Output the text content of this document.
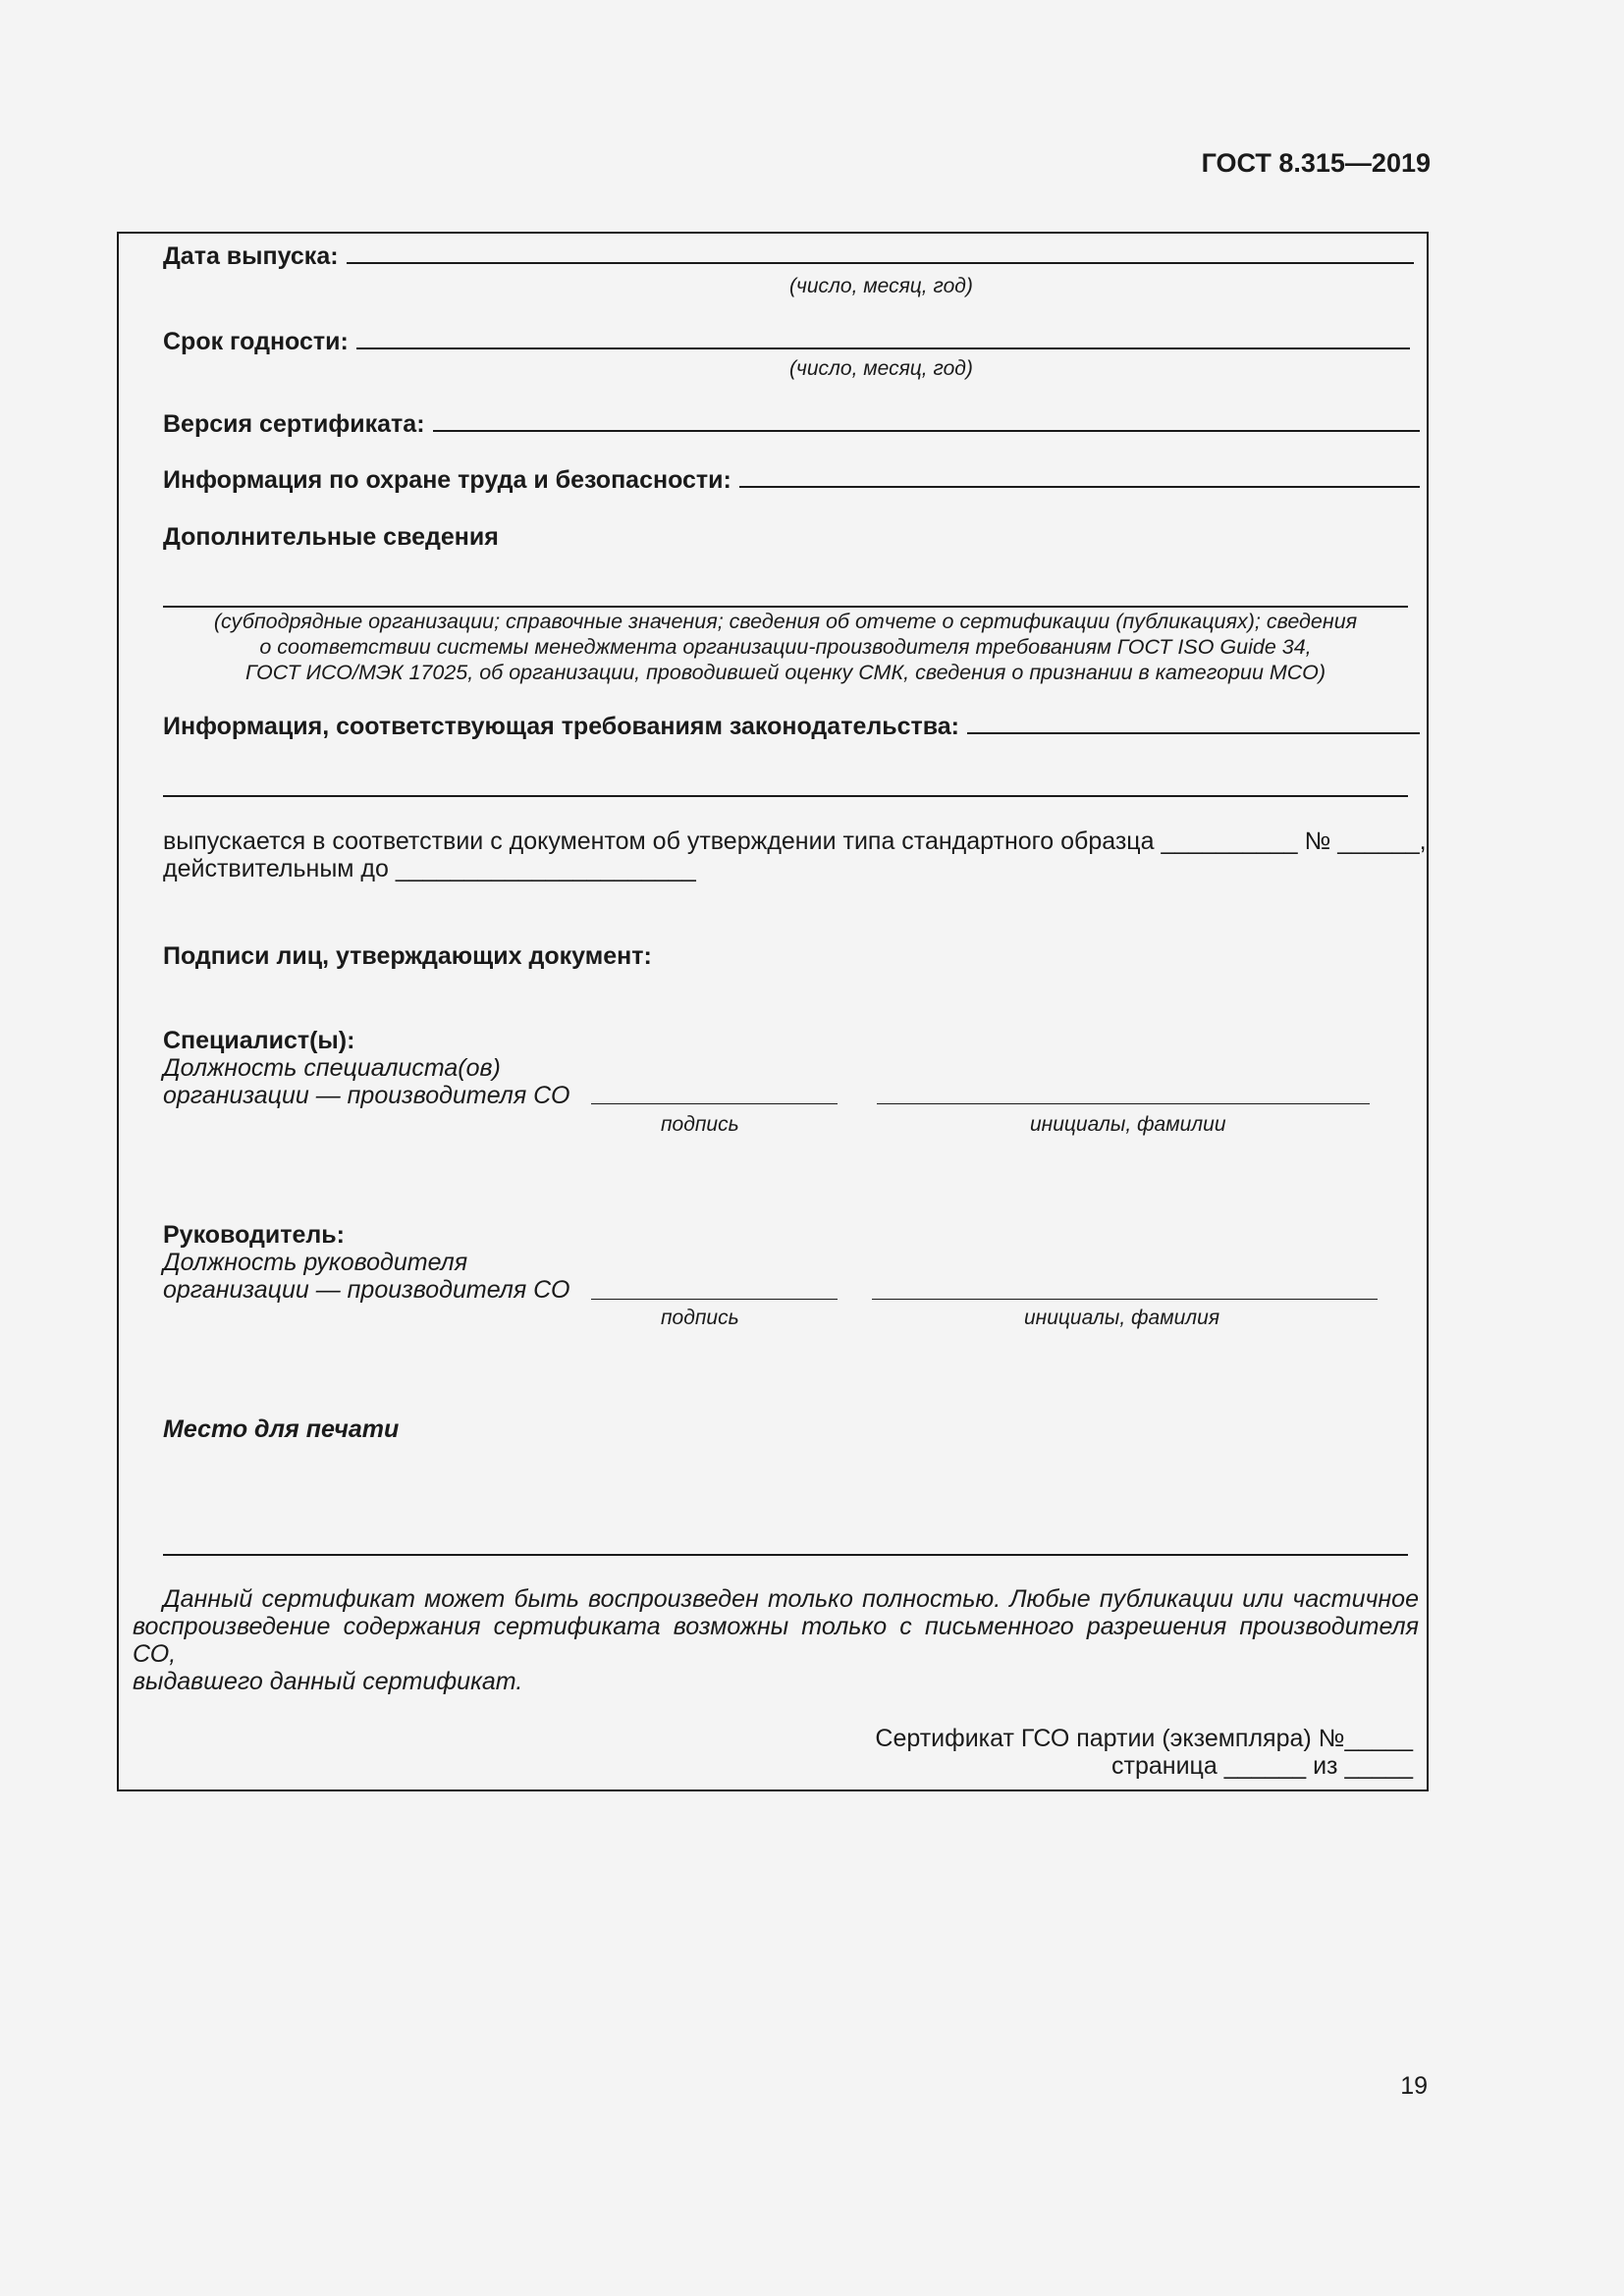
ГОСТ 8.315—2019
Дата выпуска:
(число, месяц, год)
Срок годности:
(число, месяц, год)
Версия сертификата:
Информация по охране труда и безопасности:
Дополнительные сведения
(субподрядные организации; справочные значения; сведения об отчете о сертификации (публикациях); сведения
о соответствии системы менеджмента организации-производителя требованиям ГОСТ ISO Guide 34,
ГОСТ ИСО/МЭК 17025, об организации, проводившей оценку СМК, сведения о признании в категории МСО)
Информация, соответствующая требованиям законодательства:
выпускается в соответствии с документом об утверждении типа стандартного образца __________ № ______,
действительным до ______________________
Подписи лиц, утверждающих документ:
Специалист(ы):
Должность специалиста(ов)
организации — производителя СО
подпись	инициалы, фамилии
Руководитель:
Должность руководителя
организации — производителя СО
подпись	инициалы, фамилия
Место для печати
Данный сертификат может быть воспроизведен только полностью. Любые публикации или частичное
воспроизведение содержания сертификата возможны только с письменного разрешения производителя СО,
выдавшего данный сертификат.
Сертификат ГСО партии (экземпляра) №_____
страница ______ из _____
19
